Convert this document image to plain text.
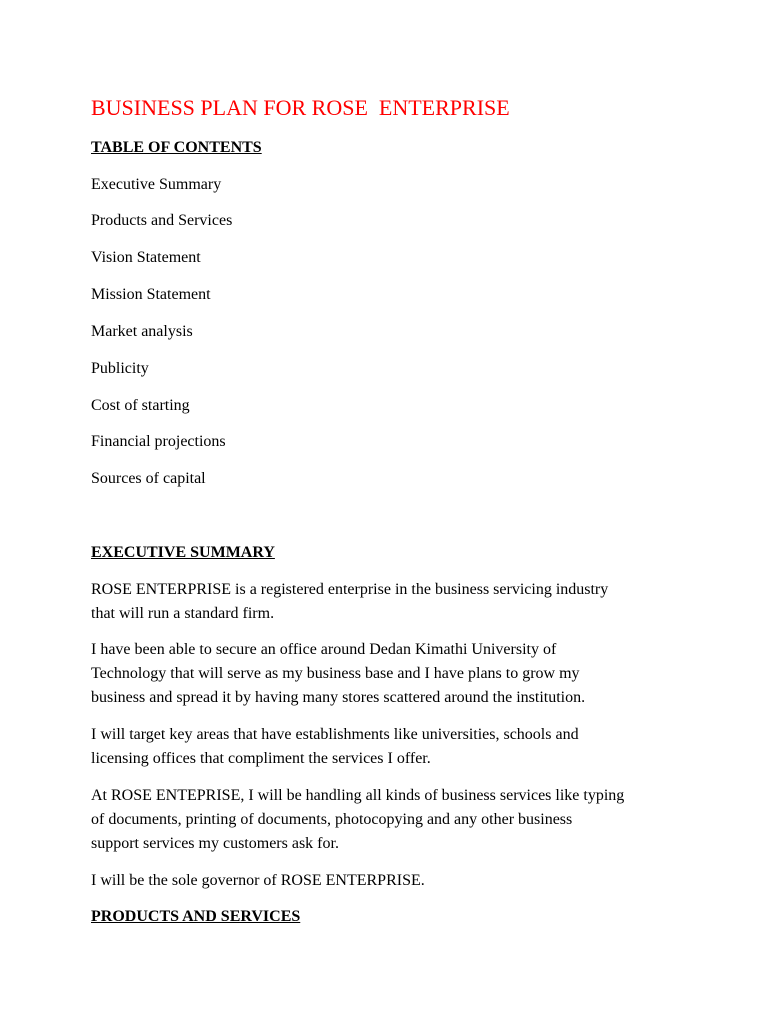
BUSINESS PLAN FOR ROSE  ENTERPRISE
TABLE OF CONTENTS
Executive Summary
Products and Services
Vision Statement
Mission Statement
Market analysis
Publicity
Cost of starting
Financial projections
Sources of capital
EXECUTIVE SUMMARY

ROSE ENTERPRISE is a registered enterprise in the business servicing industry
that will run a standard firm.

I have been able to secure an office around Dedan Kimathi University of
Technology that will serve as my business base and I have plans to grow my
business and spread it by having many stores scattered around the institution.

I will target key areas that have establishments like universities, schools and
licensing offices that compliment the services I offer.

At ROSE ENTEPRISE, I will be handling all kinds of business services like typing
of documents, printing of documents, photocopying and any other business
support services my customers ask for.

I will be the sole governor of ROSE ENTERPRISE.

PRODUCTS AND SERVICES
